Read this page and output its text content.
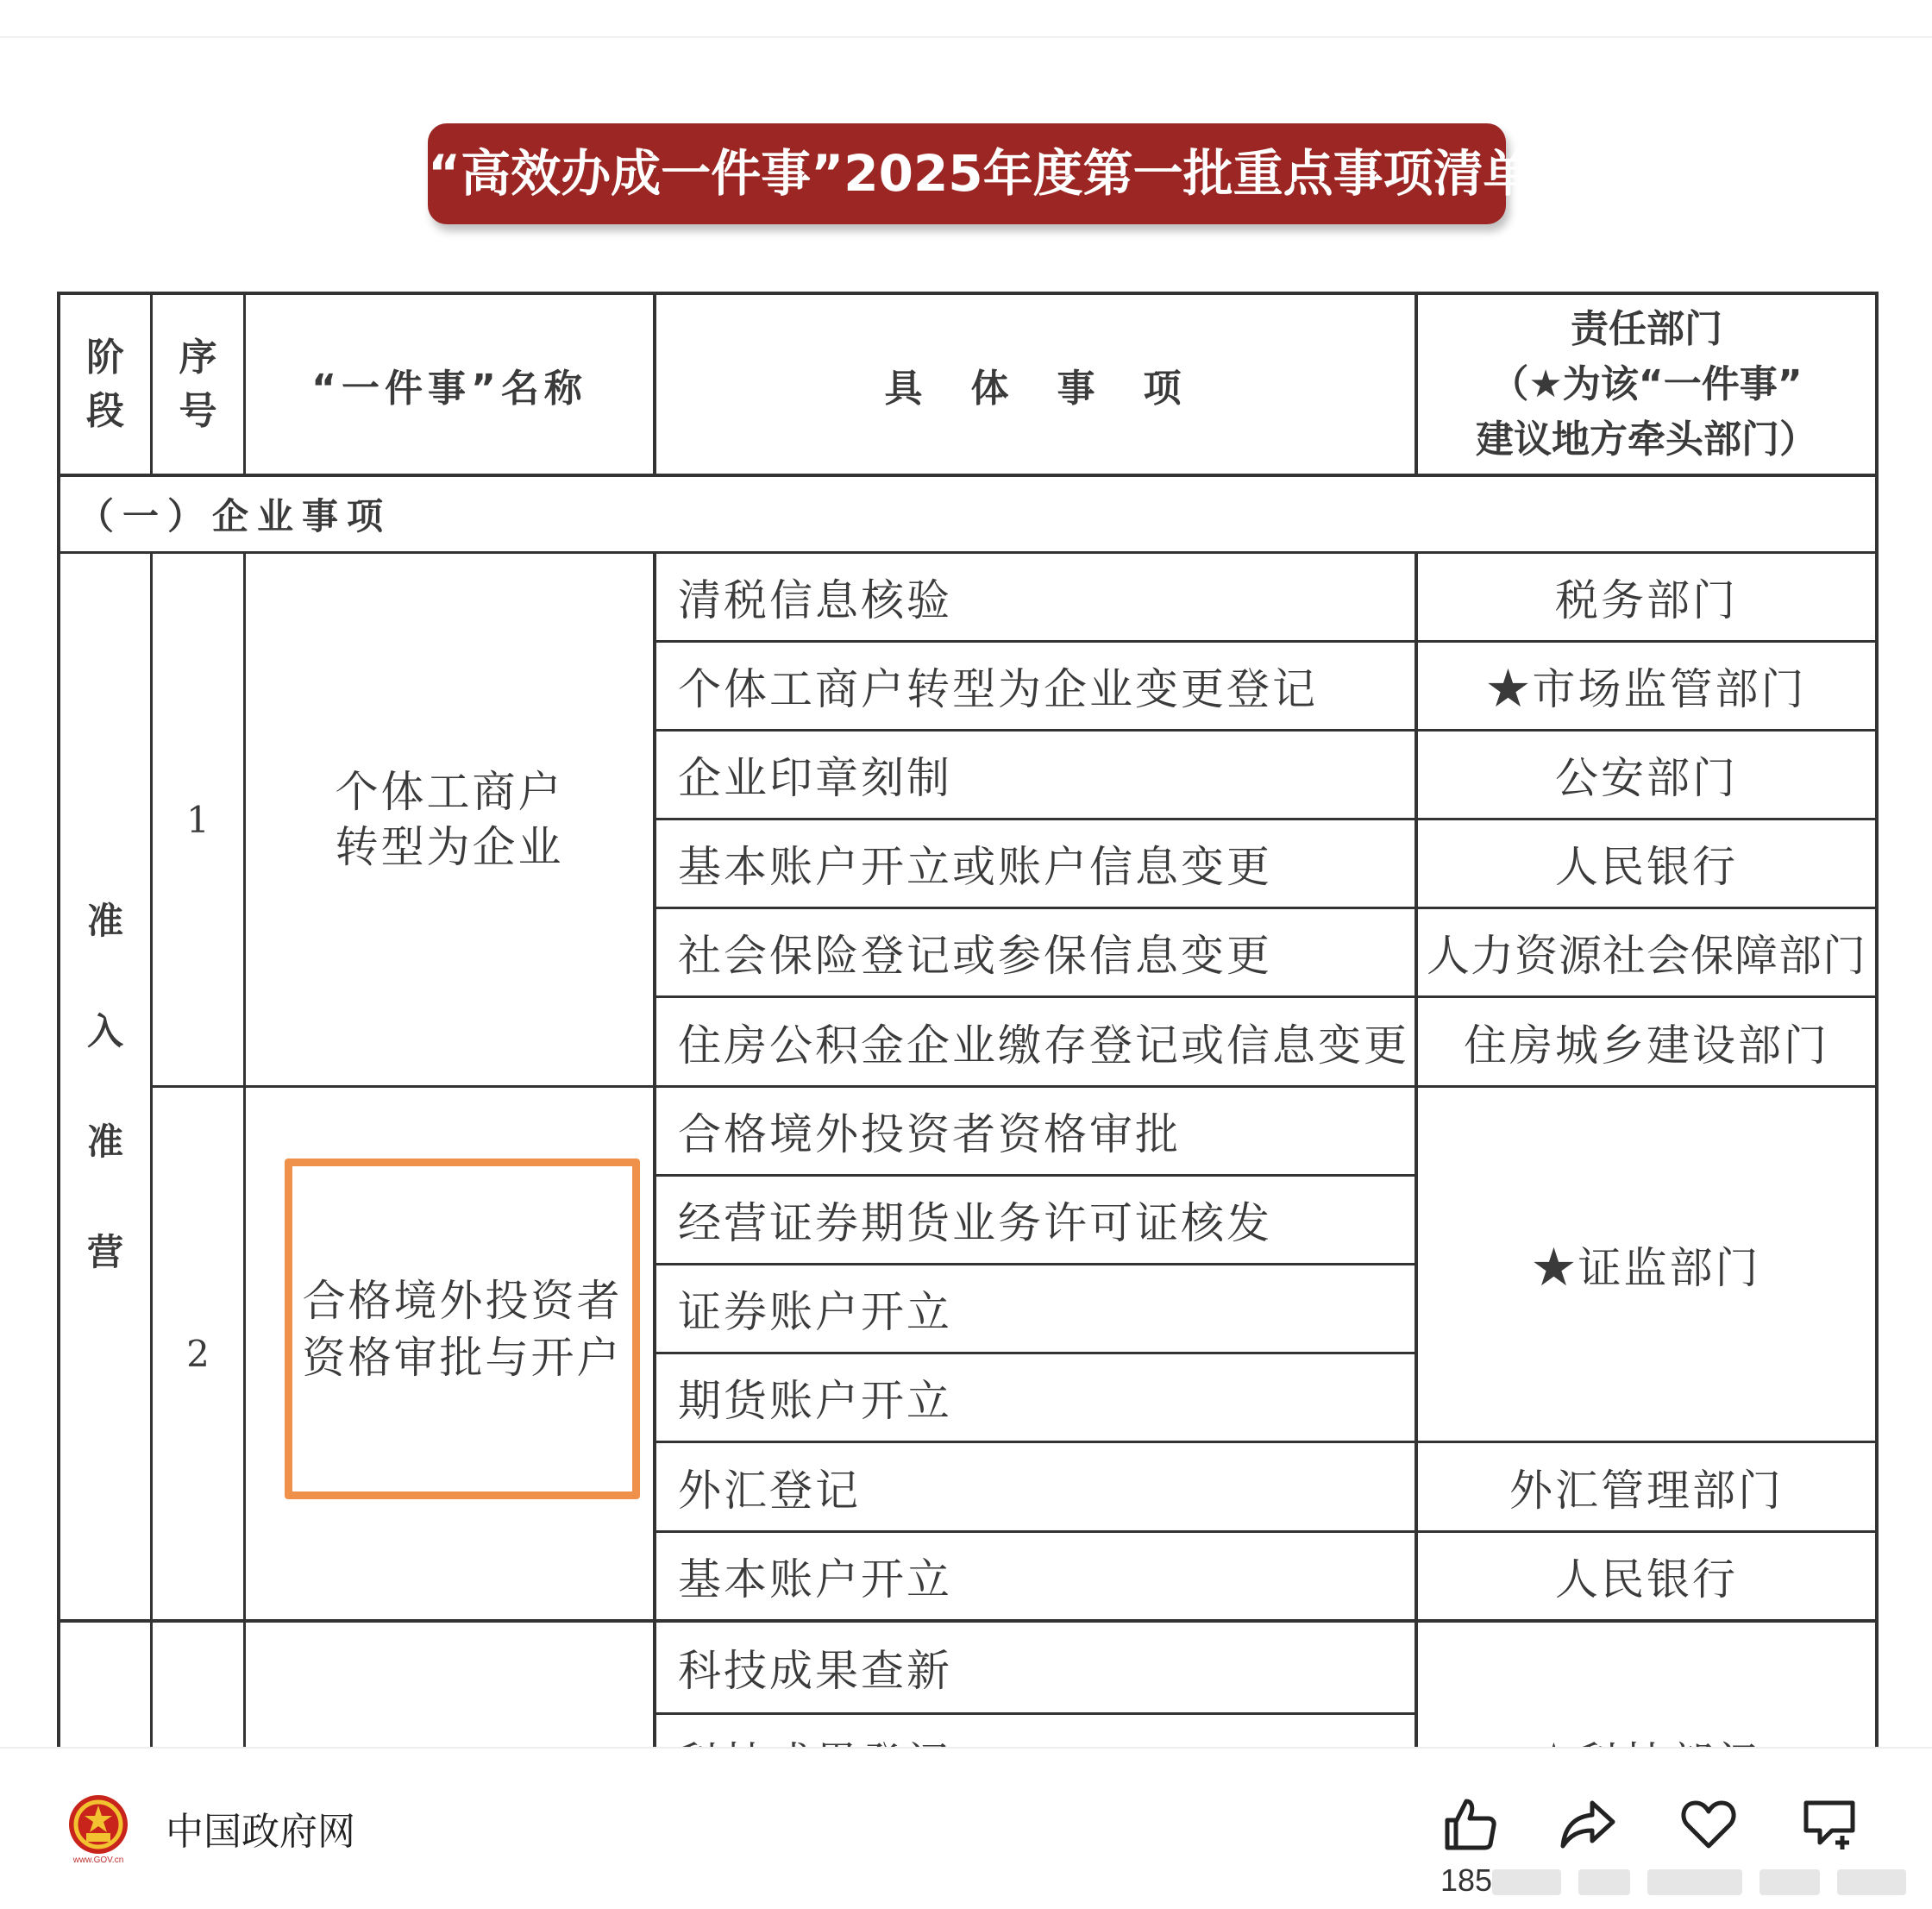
“高效办成一件事”2025年度第一批重点事项清单
阶
段
序
号
“一件事”名称	具　体　事　项
责任部门
（★为该“一件事”
建议地方牵头部门）
（一）企业事项
准
入
准
营
1
个体工商户
转型为企业
2
合格境外投资者
资格审批与开户
清税信息核验
个体工商户转型为企业变更登记
企业印章刻制
基本账户开立或账户信息变更
社会保险登记或参保信息变更
住房公积金企业缴存登记或信息变更
合格境外投资者资格审批
经营证券期货业务许可证核发
证券账户开立
期货账户开立
外汇登记
基本账户开立
科技成果查新
税务部门
★市场监管部门
公安部门
人民银行
人力资源社会保障部门
住房城乡建设部门
★证监部门
外汇管理部门
人民银行
www.GOV.cn
中国政府网
185
